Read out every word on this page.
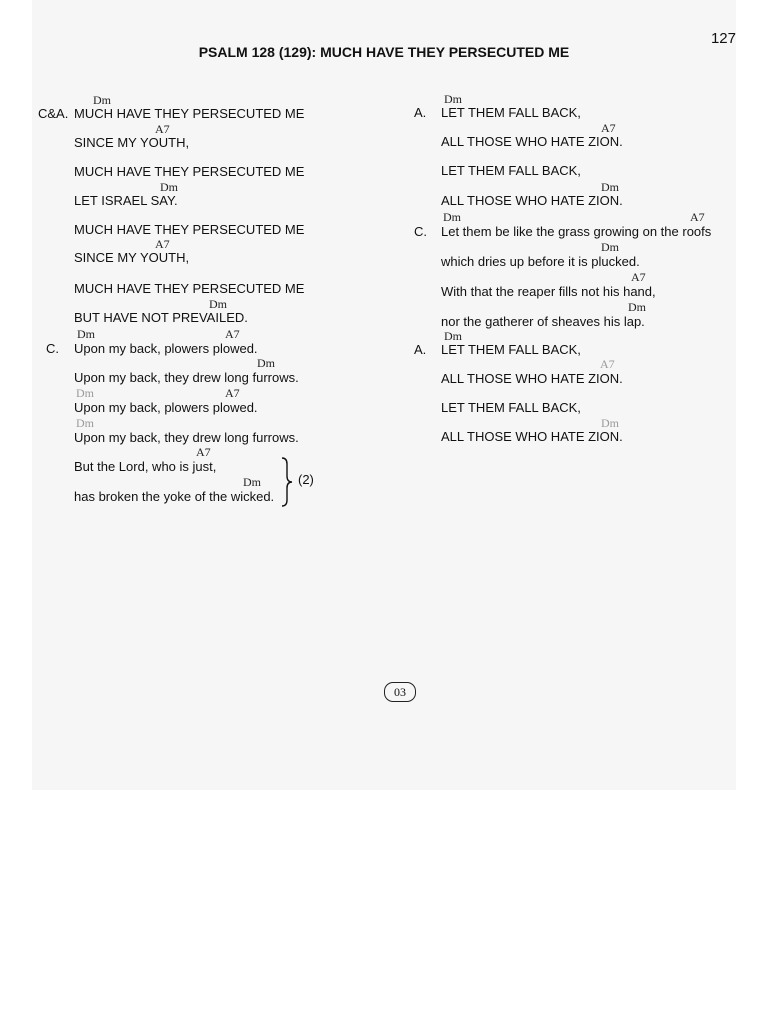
127
PSALM 128 (129): MUCH HAVE THEY PERSECUTED ME
C&A.
Dm
MUCH HAVE THEY PERSECUTED ME
A7
SINCE MY YOUTH,
MUCH HAVE THEY PERSECUTED ME
Dm
LET ISRAEL SAY.
MUCH HAVE THEY PERSECUTED ME
A7
SINCE MY YOUTH,
MUCH HAVE THEY PERSECUTED ME
Dm
BUT HAVE NOT PREVAILED.
C.
Dm	A7
Upon my back, plowers plowed.
Dm
Upon my back, they drew long furrows.
Dm	A7
Upon my back, plowers plowed.
Dm
Upon my back, they drew long furrows.
A7
But the Lord, who is just,
Dm
has broken the yoke of the wicked.
(2)
A.
Dm
LET THEM FALL BACK,
A7
ALL THOSE WHO HATE ZION.
LET THEM FALL BACK,
Dm
ALL THOSE WHO HATE ZION.
C.
Dm	A7
Let them be like the grass growing on the roofs
Dm
which dries up before it is plucked.
A7
With that the reaper fills not his hand,
Dm
nor the gatherer of sheaves his lap.
A.
Dm
LET THEM FALL BACK,
A7
ALL THOSE WHO HATE ZION.
LET THEM FALL BACK,
Dm
ALL THOSE WHO HATE ZION.
03
